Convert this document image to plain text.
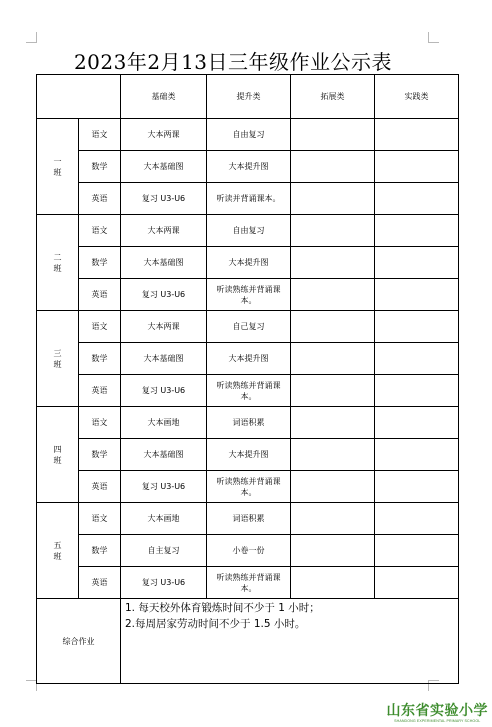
2023年2月13日三年级作业公示表
		基础类	提升类	拓展类	实践类

一
班	语文	大本两课	自由复习		
	数学	大本基础图	大本提升图		
	英语	复习 U3-U6	听读并背诵课本。		

二
班	语文	大本两课	自由复习		
	数学	大本基础图	大本提升图		
	英语	复习 U3-U6	听读熟练并背诵课本。		

三
班	语文	大本两课	自己复习		
	数学	大本基础图	大本提升图		
	英语	复习 U3-U6	听读熟练并背诵课本。		

四
班	语文	大本画地	词语积累		
	数学	大本基础图	大本提升图		
	英语	复习 U3-U6	听读熟练并背诵课本。		

五
班	语文	大本画地	词语积累		
	数学	自主复习	小卷一份		
	英语	复习 U3-U6	听读熟练并背诵课本。		
综合作业		1. 每天校外体育锻炼时间不少于 1 小时；
2.每周居家劳动时间不少于 1.5 小时。			
山东省实验小学
SHANDONG EXPERIMENTAL PRIMARY SCHOOL
